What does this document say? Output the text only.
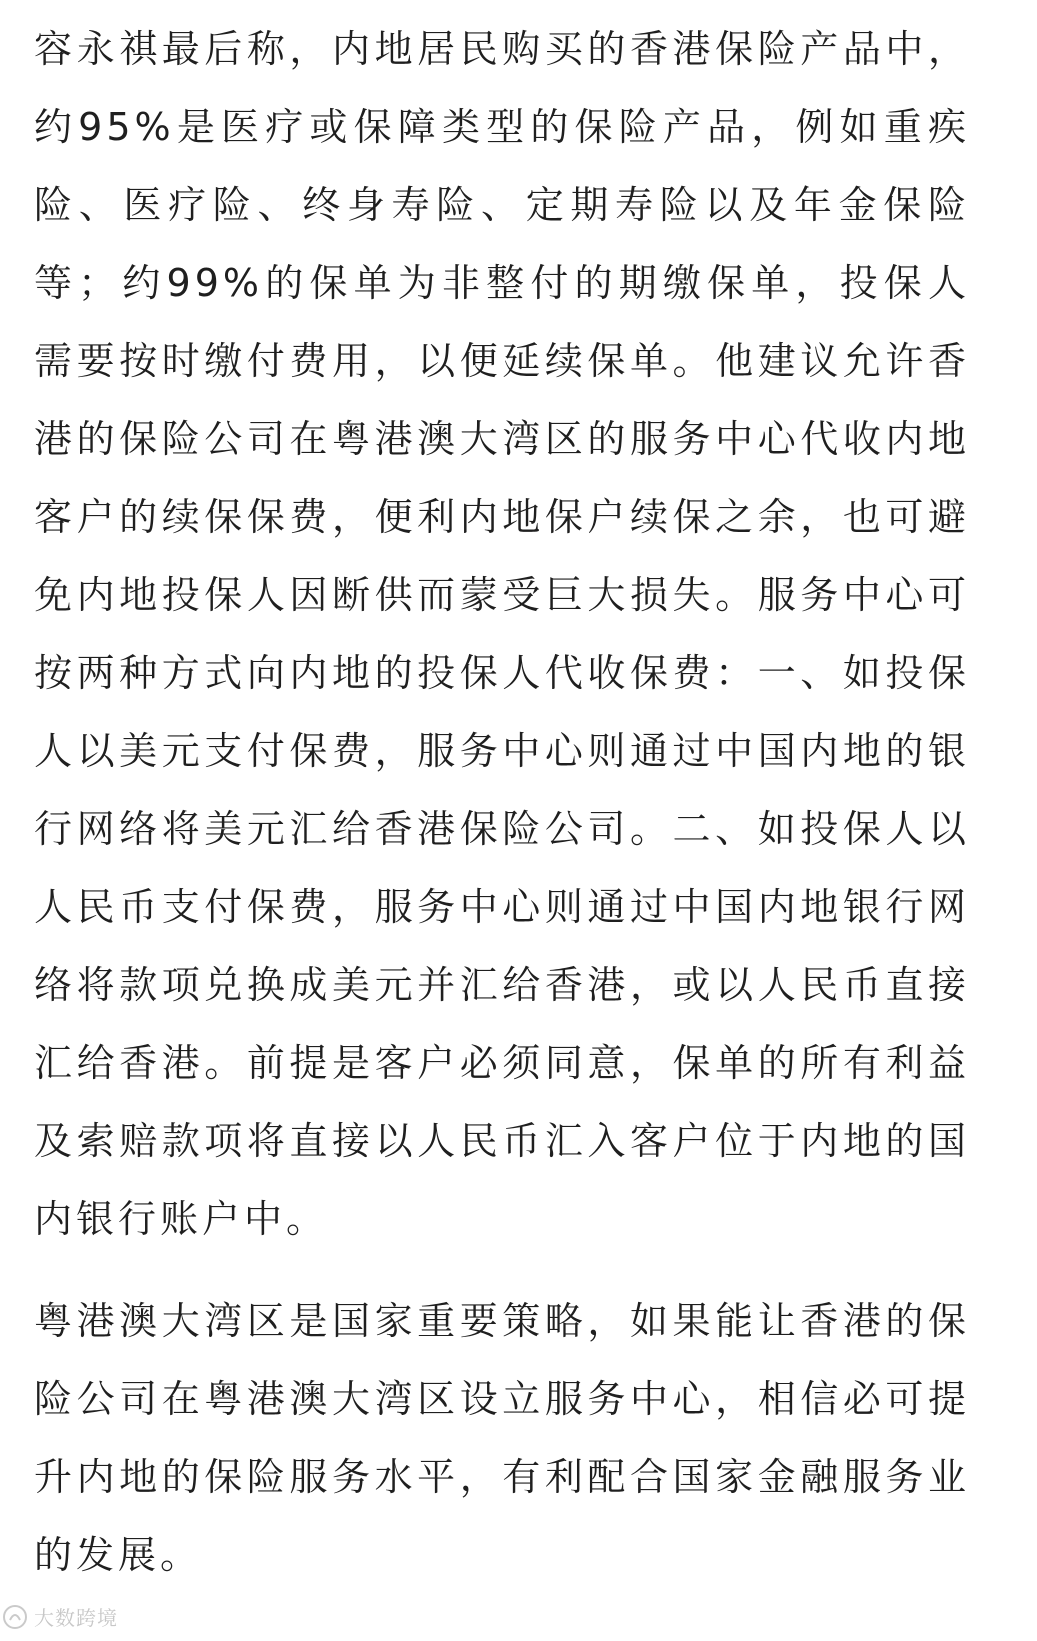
容永祺最后称，内地居民购买的香港保险产品中，约95%是医疗或保障类型的保险产品，例如重疾险、医疗险、终身寿险、定期寿险以及年金保险等；约99%的保单为非整付的期缴保单，投保人需要按时缴付费用，以便延续保单。他建议允许香港的保险公司在粤港澳大湾区的服务中心代收内地客户的续保保费，便利内地保户续保之余，也可避免内地投保人因断供而蒙受巨大损失。服务中心可按两种方式向内地的投保人代收保费：一、如投保人以美元支付保费，服务中心则通过中国内地的银行网络将美元汇给香港保险公司。二、如投保人以人民币支付保费，服务中心则通过中国内地银行网络将款项兑换成美元并汇给香港，或以人民币直接汇给香港。前提是客户必须同意，保单的所有利益及索赔款项将直接以人民币汇入客户位于内地的国内银行账户中。

粤港澳大湾区是国家重要策略，如果能让香港的保险公司在粤港澳大湾区设立服务中心，相信必可提升内地的保险服务水平，有利配合国家金融服务业的发展。

大数跨境
